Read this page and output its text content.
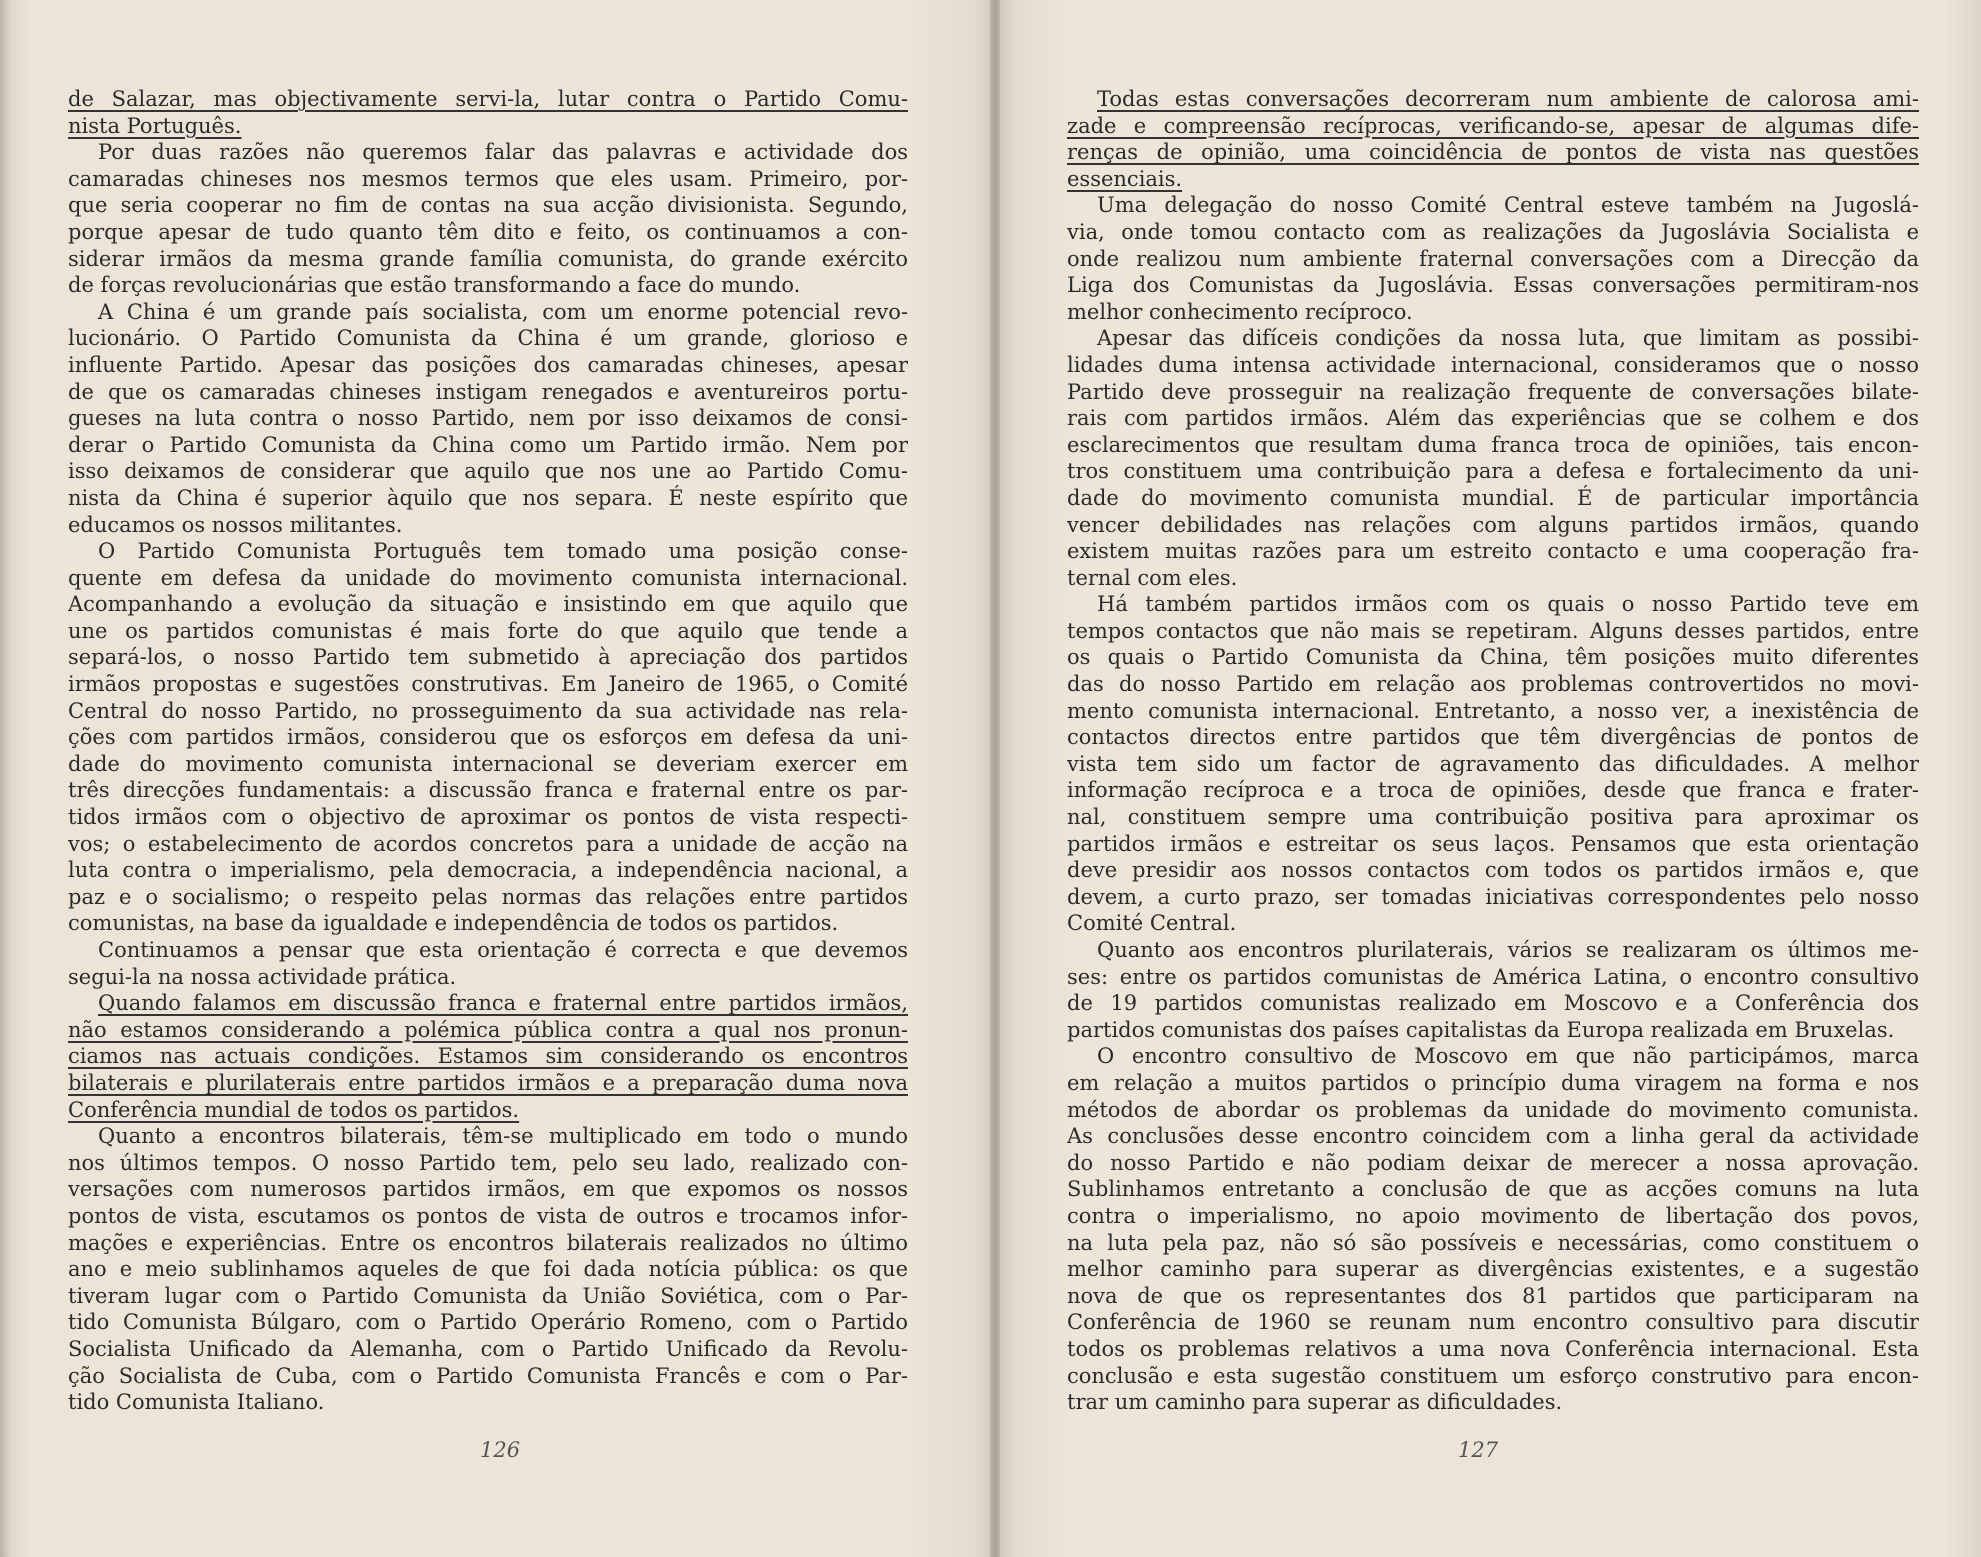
de Salazar, mas objectivamente servi-la, lutar contra o Partido Comu-
nista Português.
Por duas razões não queremos falar das palavras e actividade dos
camaradas chineses nos mesmos termos que eles usam. Primeiro, por-
que seria cooperar no fim de contas na sua acção divisionista. Segundo,
porque apesar de tudo quanto têm dito e feito, os continuamos a con-
siderar irmãos da mesma grande família comunista, do grande exército
de forças revolucionárias que estão transformando a face do mundo.
A China é um grande país socialista, com um enorme potencial revo-
lucionário. O Partido Comunista da China é um grande, glorioso e
influente Partido. Apesar das posições dos camaradas chineses, apesar
de que os camaradas chineses instigam renegados e aventureiros portu-
gueses na luta contra o nosso Partido, nem por isso deixamos de consi-
derar o Partido Comunista da China como um Partido irmão. Nem por
isso deixamos de considerar que aquilo que nos une ao Partido Comu-
nista da China é superior àquilo que nos separa. É neste espírito que
educamos os nossos militantes.
O Partido Comunista Português tem tomado uma posição conse-
quente em defesa da unidade do movimento comunista internacional.
Acompanhando a evolução da situação e insistindo em que aquilo que
une os partidos comunistas é mais forte do que aquilo que tende a
separá-los, o nosso Partido tem submetido à apreciação dos partidos
irmãos propostas e sugestões construtivas. Em Janeiro de 1965, o Comité
Central do nosso Partido, no prosseguimento da sua actividade nas rela-
ções com partidos irmãos, considerou que os esforços em defesa da uni-
dade do movimento comunista internacional se deveriam exercer em
três direcções fundamentais: a discussão franca e fraternal entre os par-
tidos irmãos com o objectivo de aproximar os pontos de vista respecti-
vos; o estabelecimento de acordos concretos para a unidade de acção na
luta contra o imperialismo, pela democracia, a independência nacional, a
paz e o socialismo; o respeito pelas normas das relações entre partidos
comunistas, na base da igualdade e independência de todos os partidos.
Continuamos a pensar que esta orientação é correcta e que devemos
segui-la na nossa actividade prática.
Quando falamos em discussão franca e fraternal entre partidos irmãos,
não estamos considerando a polémica pública contra a qual nos pronun-
ciamos nas actuais condições. Estamos sim considerando os encontros
bilaterais e plurilaterais entre partidos irmãos e a preparação duma nova
Conferência mundial de todos os partidos.
Quanto a encontros bilaterais, têm-se multiplicado em todo o mundo
nos últimos tempos. O nosso Partido tem, pelo seu lado, realizado con-
versações com numerosos partidos irmãos, em que expomos os nossos
pontos de vista, escutamos os pontos de vista de outros e trocamos infor-
mações e experiências. Entre os encontros bilaterais realizados no último
ano e meio sublinhamos aqueles de que foi dada notícia pública: os que
tiveram lugar com o Partido Comunista da União Soviética, com o Par-
tido Comunista Búlgaro, com o Partido Operário Romeno, com o Partido
Socialista Unificado da Alemanha, com o Partido Unificado da Revolu-
ção Socialista de Cuba, com o Partido Comunista Francês e com o Par-
tido Comunista Italiano.
126
Todas estas conversações decorreram num ambiente de calorosa ami-
zade e compreensão recíprocas, verificando-se, apesar de algumas dife-
renças de opinião, uma coincidência de pontos de vista nas questões
essenciais.
Uma delegação do nosso Comité Central esteve também na Jugoslá-
via, onde tomou contacto com as realizações da Jugoslávia Socialista e
onde realizou num ambiente fraternal conversações com a Direcção da
Liga dos Comunistas da Jugoslávia. Essas conversações permitiram-nos
melhor conhecimento recíproco.
Apesar das difíceis condições da nossa luta, que limitam as possibi-
lidades duma intensa actividade internacional, consideramos que o nosso
Partido deve prosseguir na realização frequente de conversações bilate-
rais com partidos irmãos. Além das experiências que se colhem e dos
esclarecimentos que resultam duma franca troca de opiniões, tais encon-
tros constituem uma contribuição para a defesa e fortalecimento da uni-
dade do movimento comunista mundial. É de particular importância
vencer debilidades nas relações com alguns partidos irmãos, quando
existem muitas razões para um estreito contacto e uma cooperação fra-
ternal com eles.
Há também partidos irmãos com os quais o nosso Partido teve em
tempos contactos que não mais se repetiram. Alguns desses partidos, entre
os quais o Partido Comunista da China, têm posições muito diferentes
das do nosso Partido em relação aos problemas controvertidos no movi-
mento comunista internacional. Entretanto, a nosso ver, a inexistência de
contactos directos entre partidos que têm divergências de pontos de
vista tem sido um factor de agravamento das dificuldades. A melhor
informação recíproca e a troca de opiniões, desde que franca e frater-
nal, constituem sempre uma contribuição positiva para aproximar os
partidos irmãos e estreitar os seus laços. Pensamos que esta orientação
deve presidir aos nossos contactos com todos os partidos irmãos e, que
devem, a curto prazo, ser tomadas iniciativas correspondentes pelo nosso
Comité Central.
Quanto aos encontros plurilaterais, vários se realizaram os últimos me-
ses: entre os partidos comunistas de América Latina, o encontro consultivo
de 19 partidos comunistas realizado em Moscovo e a Conferência dos
partidos comunistas dos países capitalistas da Europa realizada em Bruxelas.
O encontro consultivo de Moscovo em que não participámos, marca
em relação a muitos partidos o princípio duma viragem na forma e nos
métodos de abordar os problemas da unidade do movimento comunista.
As conclusões desse encontro coincidem com a linha geral da actividade
do nosso Partido e não podiam deixar de merecer a nossa aprovação.
Sublinhamos entretanto a conclusão de que as acções comuns na luta
contra o imperialismo, no apoio movimento de libertação dos povos,
na luta pela paz, não só são possíveis e necessárias, como constituem o
melhor caminho para superar as divergências existentes, e a sugestão
nova de que os representantes dos 81 partidos que participaram na
Conferência de 1960 se reunam num encontro consultivo para discutir
todos os problemas relativos a uma nova Conferência internacional. Esta
conclusão e esta sugestão constituem um esforço construtivo para encon-
trar um caminho para superar as dificuldades.
127
